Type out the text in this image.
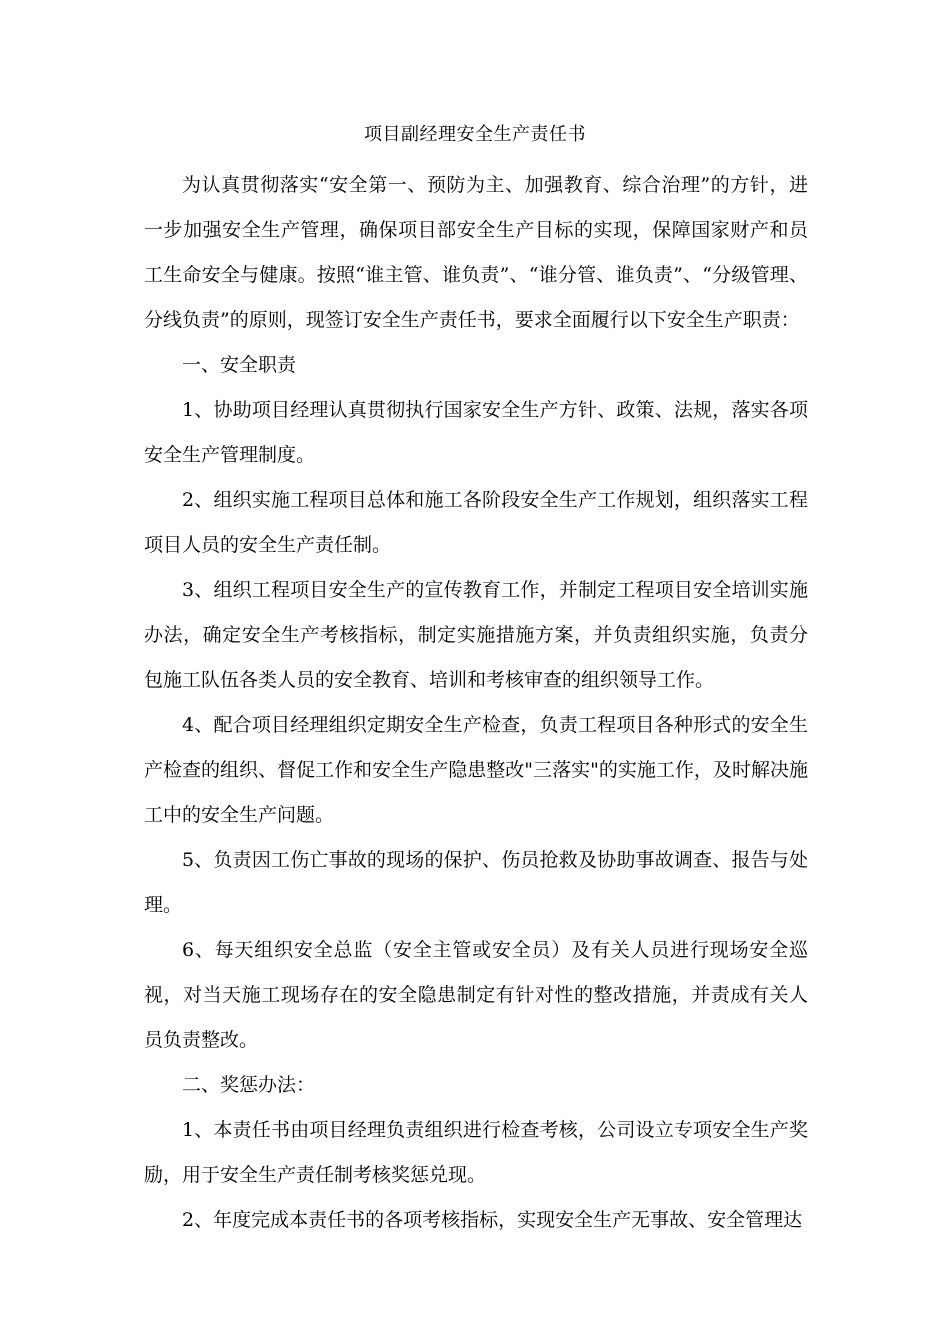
项目副经理安全生产责任书

为认真贯彻落实“安全第一、预防为主、加强教育、综合治理”的方针，进一步加强安全生产管理，确保项目部安全生产目标的实现，保障国家财产和员工生命安全与健康。按照“谁主管、谁负责”、“谁分管、谁负责”、“分级管理、分线负责”的原则，现签订安全生产责任书，要求全面履行以下安全生产职责：

一、安全职责

1、协助项目经理认真贯彻执行国家安全生产方针、政策、法规，落实各项安全生产管理制度。

2、组织实施工程项目总体和施工各阶段安全生产工作规划，组织落实工程项目人员的安全生产责任制。

3、组织工程项目安全生产的宣传教育工作，并制定工程项目安全培训实施办法，确定安全生产考核指标，制定实施措施方案，并负责组织实施，负责分包施工队伍各类人员的安全教育、培训和考核审查的组织领导工作。

4、配合项目经理组织定期安全生产检查，负责工程项目各种形式的安全生产检查的组织、督促工作和安全生产隐患整改"三落实"的实施工作，及时解决施工中的安全生产问题。

5、负责因工伤亡事故的现场的保护、伤员抢救及协助事故调查、报告与处理。

6、每天组织安全总监（安全主管或安全员）及有关人员进行现场安全巡视，对当天施工现场存在的安全隐患制定有针对性的整改措施，并责成有关人员负责整改。

二、奖惩办法：

1、本责任书由项目经理负责组织进行检查考核，公司设立专项安全生产奖励，用于安全生产责任制考核奖惩兑现。

2、年度完成本责任书的各项考核指标，实现安全生产无事故、安全管理达
